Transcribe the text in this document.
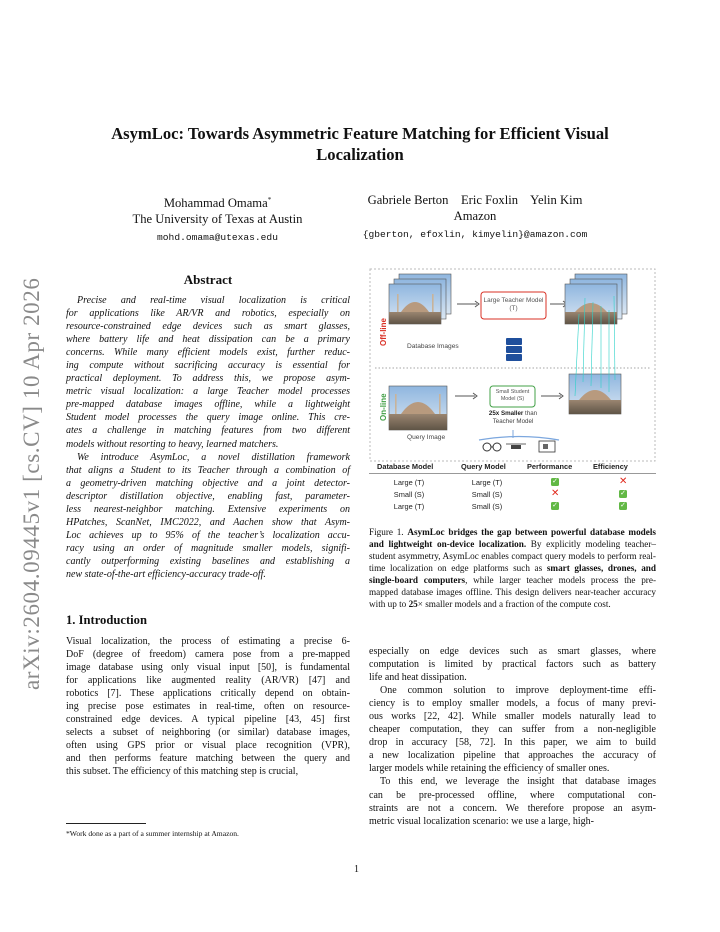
arXiv:2604.09445v1 [cs.CV] 10 Apr 2026
AsymLoc: Towards Asymmetric Feature Matching for Efficient Visual
Localization
Mohammad Omama*
The University of Texas at Austin
mohd.omama@utexas.edu
Gabriele Berton    Eric Foxlin    Yelin Kim
Amazon
{gberton, efoxlin, kimyelin}@amazon.com
Abstract
Precise and real-time visual localization is critical
for applications like AR/VR and robotics, especially on
resource-constrained edge devices such as smart glasses,
where battery life and heat dissipation can be a primary
concerns. While many efficient models exist, further reduc-
ing compute without sacrificing accuracy is essential for
practical deployment. To address this, we propose asym-
metric visual localization: a large Teacher model processes
pre-mapped database images offline, while a lightweight
Student model processes the query image online. This cre-
ates a challenge in matching features from two different
models without resorting to heavy, learned matchers.
We introduce AsymLoc, a novel distillation framework
that aligns a Student to its Teacher through a combination of
a geometry-driven matching objective and a joint detector-
descriptor distillation objective, enabling fast, parameter-
less nearest-neighbor matching. Extensive experiments on
HPatches, ScanNet, IMC2022, and Aachen show that Asym-
Loc achieves up to 95% of the teacher’s localization accu-
racy using an order of magnitude smaller models, signifi-
cantly outperforming existing baselines and establishing a
new state-of-the-art efficiency-accuracy trade-off.
1. Introduction
Visual localization, the process of estimating a precise 6-
DoF (degree of freedom) camera pose from a pre-mapped
image database using only visual input [50], is fundamental
for applications like augmented reality (AR/VR) [47] and
robotics [7]. These applications critically depend on obtain-
ing precise pose estimates in real-time, often on resource-
constrained edge devices. A typical pipeline [43, 45] first
selects a subset of neighboring (or similar) database images,
often using GPS prior or visual place recognition (VPR),
and then performs feature matching between the query and
this subset. The efficiency of this matching step is crucial,
especially on edge devices such as smart glasses, where
computation is limited by practical factors such as battery
life and heat dissipation.
One common solution to improve deployment-time effi-
ciency is to employ smaller models, a focus of many previ-
ous works [22, 42]. While smaller models naturally lead to
cheaper computation, they can suffer from a non-negligible
drop in accuracy [58, 72]. In this paper, we aim to build
a new localization pipeline that approaches the accuracy of
larger models while retaining the efficiency of smaller ones.
To this end, we leverage the insight that database images
can be pre-processed offline, where computational con-
straints are not a concern. We therefore propose an asym-
metric visual localization scenario: we use a large, high-
*Work done as a part of a summer internship at Amazon.
1
Off-line
On-line
Database Images
Large Teacher Model (T)
Small Student Model (S)
25x Smaller than Teacher Model
Query Image
Database Model	Query Model	Performance	Efficiency
Large (T)	Large (T)	✓	✕
Small (S)	Small (S)	✕	✓
Large (T)	Small (S)	✓	✓
Figure 1. AsymLoc bridges the gap between powerful database models and lightweight on-device localization. By explicitly modeling teacher–student asymmetry, AsymLoc enables compact query models to perform real-time localization on edge platforms such as smart glasses, drones, and single-board computers, while larger teacher models process the pre-mapped database images offline. This design delivers near-teacher accuracy with up to 25× smaller models and a fraction of the compute cost.
